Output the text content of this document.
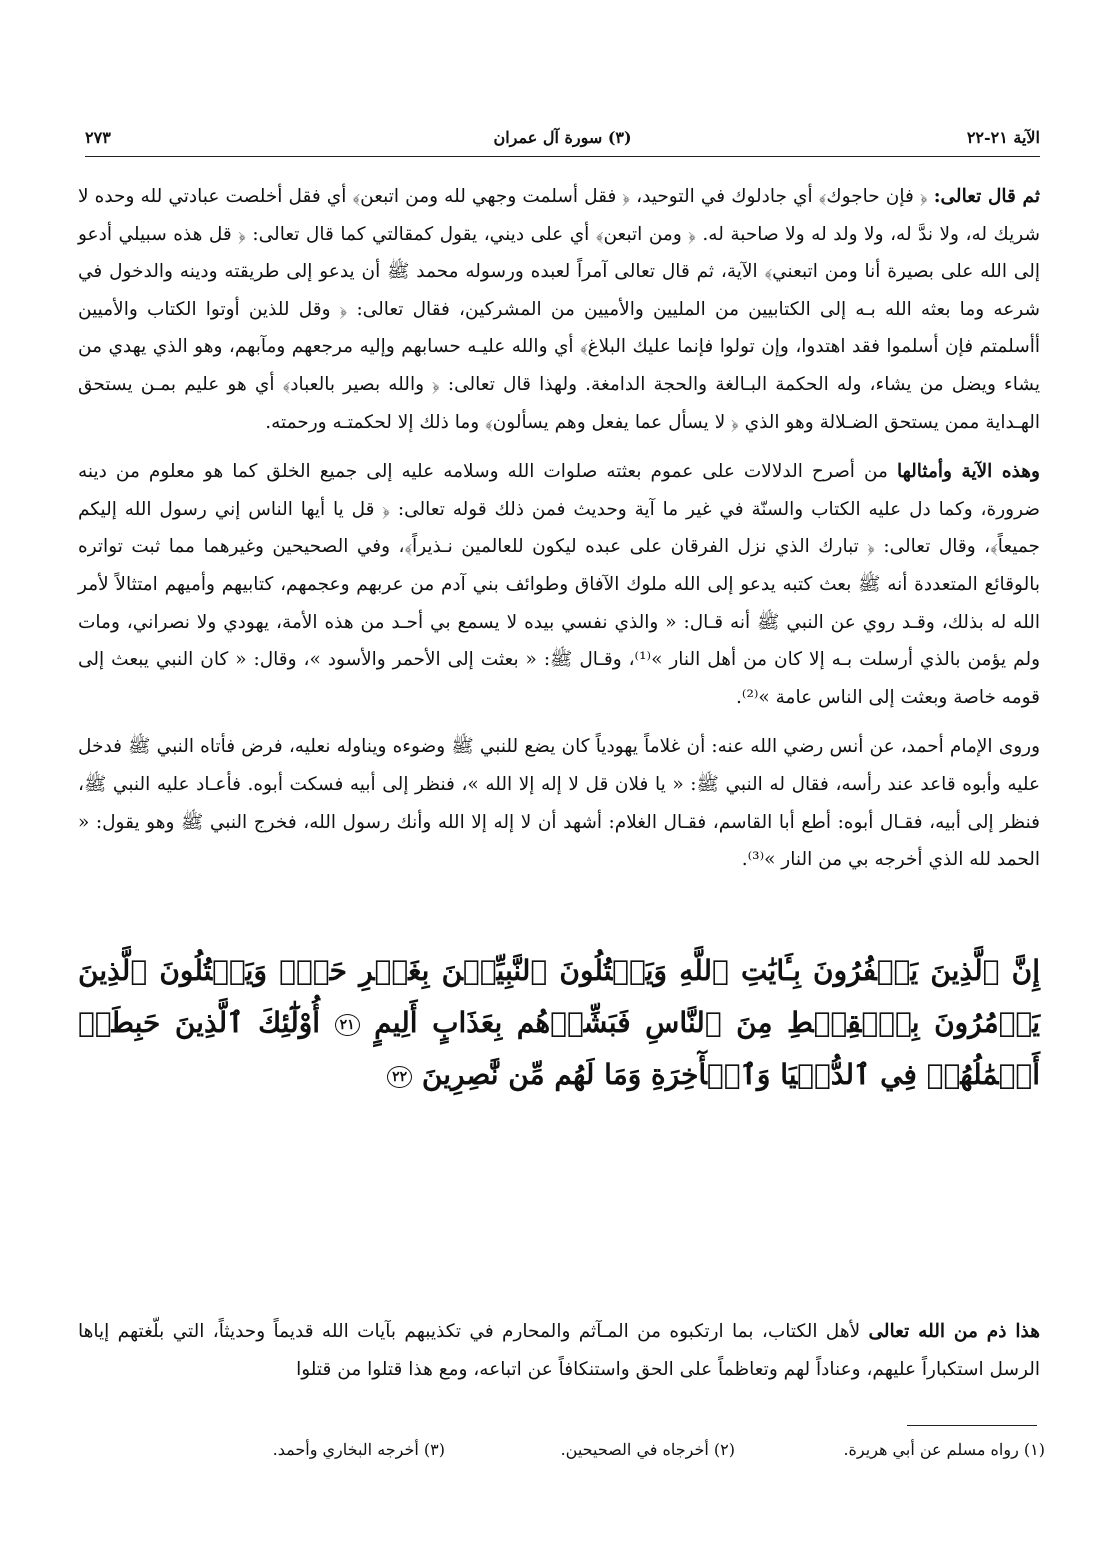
الآية ٢١-٢٢
(٣) سورة آل عمران
٢٧٣

ثم قال تعالى: ﴿ فإن حاجوك﴾ أي جادلوك في التوحيد، ﴿ فقل أسلمت وجهي لله ومن اتبعن﴾ أي فقل أخلصت عبادتي لله وحده لا شريك له، ولا ندَّ له، ولا ولد له ولا صاحبة له. ﴿ ومن اتبعن﴾ أي على ديني، يقول كمقالتي كما قال تعالى: ﴿ قل هذه سبيلي أدعو إلى الله على بصيرة أنا ومن اتبعني﴾ الآية، ثم قال تعالى آمراً لعبده ورسوله محمد ﷺ أن يدعو إلى طريقته ودينه والدخول في شرعه وما بعثه الله بـه إلى الكتابيين من المليين والأميين من المشركين، فقال تعالى: ﴿ وقل للذين أوتوا الكتاب والأميين أأسلمتم فإن أسلموا فقد اهتدوا، وإن تولوا فإنما عليك البلاغ﴾ أي والله عليـه حسابهم وإليه مرجعهم ومآبهم، وهو الذي يهدي من يشاء ويضل من يشاء، وله الحكمة البـالغة والحجة الدامغة. ولهذا قال تعالى: ﴿ والله بصير بالعباد﴾ أي هو عليم بمـن يستحق الهـداية ممن يستحق الضـلالة وهو الذي ﴿ لا يسأل عما يفعل وهم يسألون﴾ وما ذلك إلا لحكمتـه ورحمته.

وهذه الآية وأمثالها من أصرح الدلالات على عموم بعثته صلوات الله وسلامه عليه إلى جميع الخلق كما هو معلوم من دينه ضرورة، وكما دل عليه الكتاب والسنّة في غير ما آية وحديث فمن ذلك قوله تعالى: ﴿ قل يا أيها الناس إني رسول الله إليكم جميعاً﴾، وقال تعالى: ﴿ تبارك الذي نزل الفرقان على عبده ليكون للعالمين نـذيراً﴾، وفي الصحيحين وغيرهما مما ثبت تواتره بالوقائع المتعددة أنه ﷺ بعث كتبه يدعو إلى الله ملوك الآفاق وطوائف بني آدم من عربهم وعجمهم، كتابيهم وأميهم امتثالاً لأمر الله له بذلك، وقـد روي عن النبي ﷺ أنه قـال: « والذي نفسي بيده لا يسمع بي أحـد من هذه الأمة، يهودي ولا نصراني، ومات ولم يؤمن بالذي أرسلت بـه إلا كان من أهل النار »⁽¹⁾، وقـال ﷺ: « بعثت إلى الأحمر والأسود »، وقال: « كان النبي يبعث إلى قومه خاصة وبعثت إلى الناس عامة »⁽²⁾.

وروى الإمام أحمد، عن أنس رضي الله عنه: أن غلاماً يهودياً كان يضع للنبي ﷺ وضوءه ويناوله نعليه، فرض فأتاه النبي ﷺ فدخل عليه وأبوه قاعد عند رأسه، فقال له النبي ﷺ: « يا فلان قل لا إله إلا الله »، فنظر إلى أبيه فسكت أبوه. فأعـاد عليه النبي ﷺ، فنظر إلى أبيه، فقـال أبوه: أطع أبا القاسم، فقـال الغلام: أشهد أن لا إله إلا الله وأنك رسول الله، فخرج النبي ﷺ وهو يقول: « الحمد لله الذي أخرجه بي من النار »⁽³⁾.

إِنَّ ٱلَّذِينَ يَكۡفُرُونَ بِـَٔايَٰتِ ٱللَّهِ وَيَقۡتُلُونَ ٱلنَّبِيِّـۧنَ بِغَيۡرِ حَقّٖ وَيَقۡتُلُونَ ٱلَّذِينَ يَأۡمُرُونَ بِٱلۡقِسۡطِ مِنَ ٱلنَّاسِ فَبَشِّرۡهُم بِعَذَابٍ أَلِيمٍ ٢١ أُوْلَٰٓئِكَ ٱلَّذِينَ حَبِطَتۡ أَعۡمَٰلُهُمۡ فِي ٱلدُّنۡيَا وَٱلۡأٓخِرَةِ وَمَا لَهُم مِّن نَّٰصِرِينَ ٢٢

هذا ذم من الله تعالى لأهل الكتاب، بما ارتكبوه من المـآثم والمحارم في تكذيبهم بآيات الله قديماً وحديثاً، التي بلّغتهم إياها الرسل استكباراً عليهم، وعناداً لهم وتعاظماً على الحق واستنكافاً عن اتباعه، ومع هذا قتلوا من قتلوا

(١) رواه مسلم عن أبي هريرة.
(٢) أخرجاه في الصحيحين.
(٣) أخرجه البخاري وأحمد.
